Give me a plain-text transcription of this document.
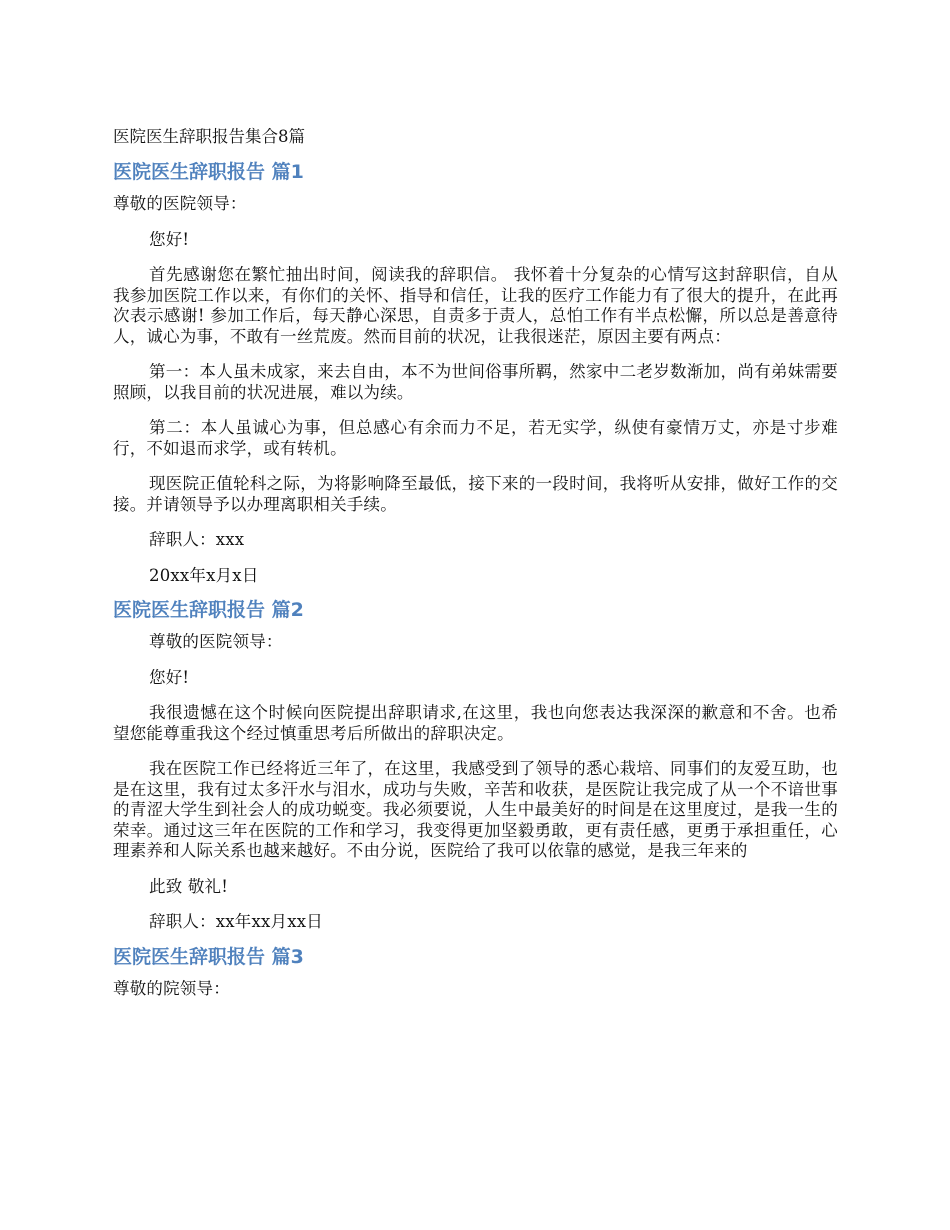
医院医生辞职报告集合8篇
医院医生辞职报告 篇1

尊敬的医院领导：

您好!

首先感谢您在繁忙抽出时间，阅读我的辞职信。 我怀着十分复杂的心情写这封辞职信，自从我参加医院工作以来，有你们的关怀、指导和信任，让我的医疗工作能力有了很大的提升，在此再次表示感谢! 参加工作后，每天静心深思，自责多于责人，总怕工作有半点松懈，所以总是善意待人，诚心为事，不敢有一丝荒废。然而目前的状况，让我很迷茫，原因主要有两点：

第一：本人虽未成家，来去自由，本不为世间俗事所羁，然家中二老岁数渐加，尚有弟妹需要照顾，以我目前的状况进展，难以为续。

第二：本人虽诚心为事，但总感心有余而力不足，若无实学，纵使有豪情万丈，亦是寸步难行，不如退而求学，或有转机。

现医院正值轮科之际，为将影响降至最低，接下来的一段时间，我将听从安排，做好工作的交接。并请领导予以办理离职相关手续。

辞职人：xxx

20xx年x月x日

医院医生辞职报告 篇2

尊敬的医院领导：

您好!

我很遗憾在这个时候向医院提出辞职请求,在这里，我也向您表达我深深的歉意和不舍。也希望您能尊重我这个经过慎重思考后所做出的辞职决定。

我在医院工作已经将近三年了，在这里，我感受到了领导的悉心栽培、同事们的友爱互助，也是在这里，我有过太多汗水与泪水，成功与失败，辛苦和收获，是医院让我完成了从一个不谙世事的青涩大学生到社会人的成功蜕变。我必须要说，人生中最美好的时间是在这里度过，是我一生的荣幸。通过这三年在医院的工作和学习，我变得更加坚毅勇敢，更有责任感，更勇于承担重任，心理素养和人际关系也越来越好。不由分说，医院给了我可以依靠的感觉，是我三年来的

此致 敬礼!

辞职人：xx年xx月xx日

医院医生辞职报告 篇3

尊敬的院领导：
